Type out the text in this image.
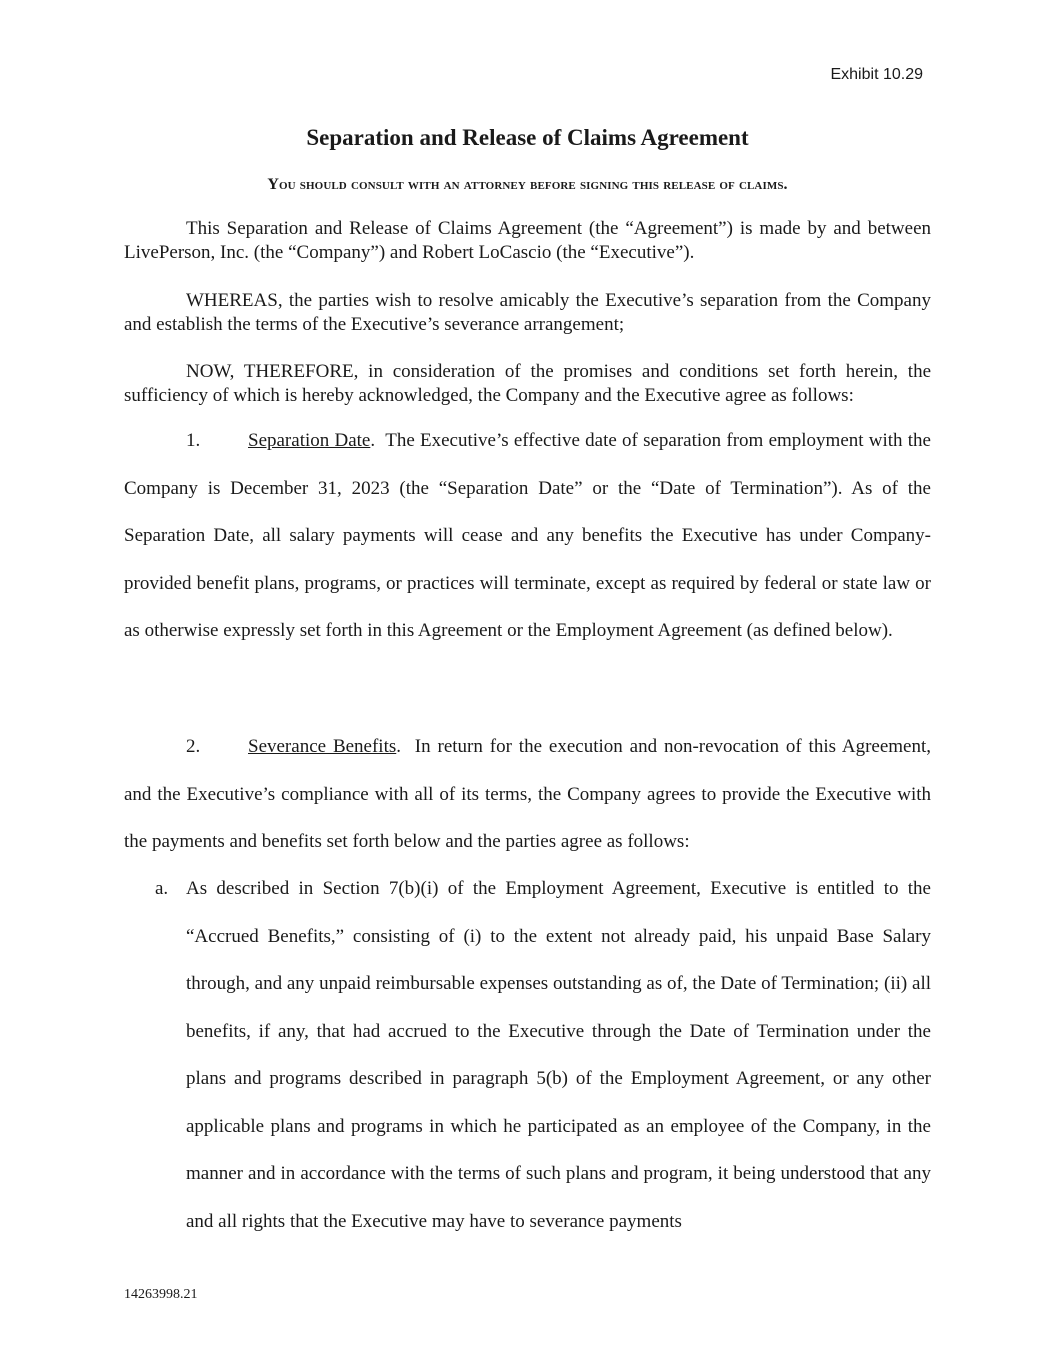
Exhibit 10.29
Separation and Release of Claims Agreement
You should consult with an attorney before signing this release of claims.
This Separation and Release of Claims Agreement (the “Agreement”) is made by and between LivePerson, Inc. (the “Company”) and Robert LoCascio (the “Executive”).
WHEREAS, the parties wish to resolve amicably the Executive’s separation from the Company and establish the terms of the Executive’s severance arrangement;
NOW, THEREFORE, in consideration of the promises and conditions set forth herein, the sufficiency of which is hereby acknowledged, the Company and the Executive agree as follows:
1.	Separation Date. The Executive’s effective date of separation from employment with the Company is December 31, 2023 (the “Separation Date” or the “Date of Termination”). As of the Separation Date, all salary payments will cease and any benefits the Executive has under Company-provided benefit plans, programs, or practices will terminate, except as required by federal or state law or as otherwise expressly set forth in this Agreement or the Employment Agreement (as defined below).
2.	Severance Benefits. In return for the execution and non-revocation of this Agreement, and the Executive’s compliance with all of its terms, the Company agrees to provide the Executive with the payments and benefits set forth below and the parties agree as follows:
a. As described in Section 7(b)(i) of the Employment Agreement, Executive is entitled to the “Accrued Benefits,” consisting of (i) to the extent not already paid, his unpaid Base Salary through, and any unpaid reimbursable expenses outstanding as of, the Date of Termination; (ii) all benefits, if any, that had accrued to the Executive through the Date of Termination under the plans and programs described in paragraph 5(b) of the Employment Agreement, or any other applicable plans and programs in which he participated as an employee of the Company, in the manner and in accordance with the terms of such plans and program, it being understood that any and all rights that the Executive may have to severance payments
14263998.21
